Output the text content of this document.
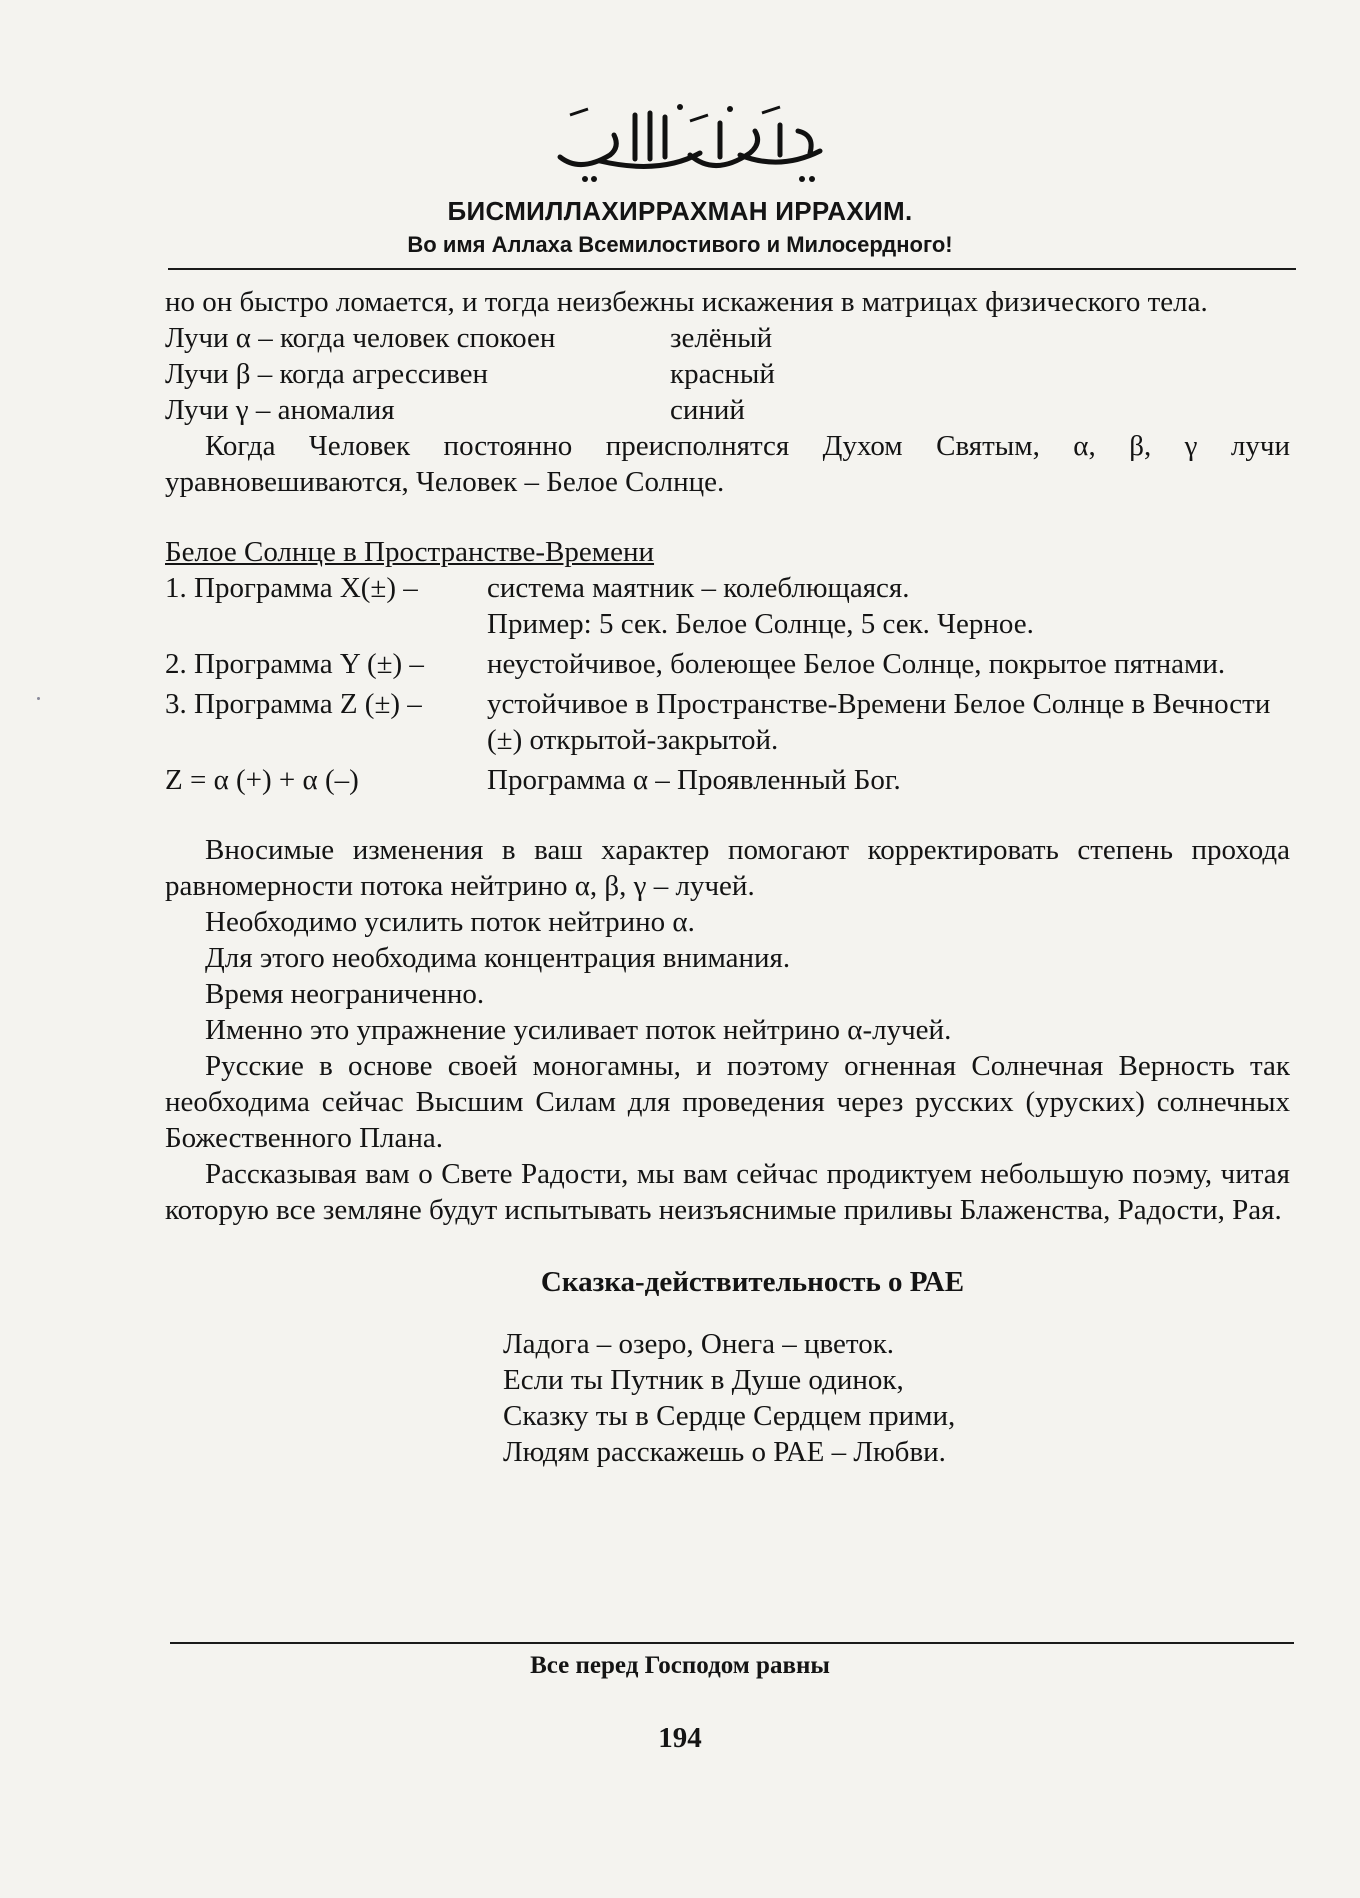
БИСМИЛЛАХИРРАХМАН ИРРАХИМ.
Во имя Аллаха Всемилостивого и Милосердного!

но он быстро ломается, и тогда неизбежны искажения в матрицах физического тела.

Лучи α – когда человек спокоен	зелёный
Лучи β – когда агрессивен	красный
Лучи γ – аномалия	синий

Когда Человек постоянно преисполнятся Духом Святым, α, β, γ лучи уравновешиваются, Человек – Белое Солнце.

Белое Солнце в Пространстве-Времени
1. Программа X(±) –	система маятник – колеблющаяся.
Пример: 5 сек. Белое Солнце, 5 сек. Черное.
2. Программа Y (±) –	неустойчивое, болеющее Белое Солнце, покрытое пятнами.
3. Программа Z (±) –	устойчивое в Пространстве-Времени Белое Солнце в Вечности (±) открытой-закрытой.
Z = α (+) + α (–)	Программа α – Проявленный Бог.

Вносимые изменения в ваш характер помогают корректировать степень прохода равномерности потока нейтрино α, β, γ – лучей.

Необходимо усилить поток нейтрино α.

Для этого необходима концентрация внимания.

Время неограниченно.

Именно это упражнение усиливает поток нейтрино α-лучей.

Русские в основе своей моногамны, и поэтому огненная Солнечная Верность так необходима сейчас Высшим Силам для проведения через русских (уруских) солнечных Божественного Плана.

Рассказывая вам о Свете Радости, мы вам сейчас продиктуем небольшую поэму, читая которую все земляне будут испытывать неизъяснимые приливы Блаженства, Радости, Рая.

Сказка-действительность о РАЕ
Ладога – озеро, Онега – цветок.
Если ты Путник в Душе одинок,
Сказку ты в Сердце Сердцем прими,
Людям расскажешь о РАЕ – Любви.
Все перед Господом равны
194
